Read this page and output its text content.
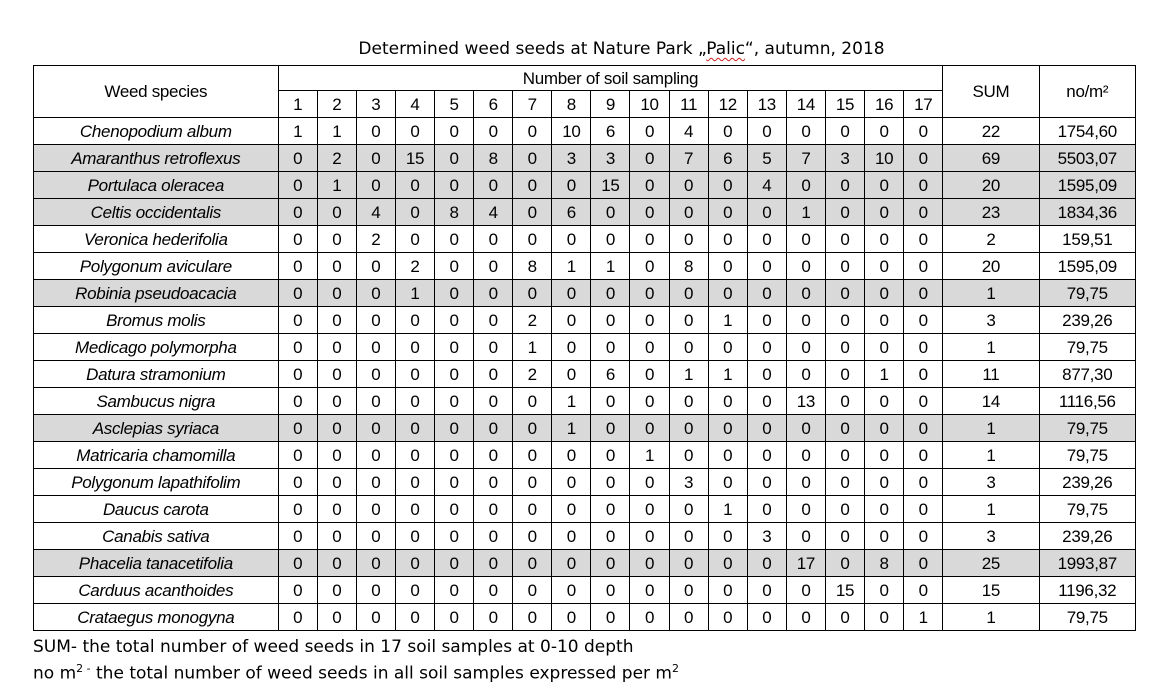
Determined weed seeds at Nature Park „Palic“, autumn, 2018
Weed species	Number of soil sampling																	SUM	no/m²
	1	2	3	4	5	6	7	8	9	10	11	12	13	14	15	16	17		
Chenopodium album	1	1	0	0	0	0	0	10	6	0	4	0	0	0	0	0	0	22	1754,60
Amaranthus retroflexus	0	2	0	15	0	8	0	3	3	0	7	6	5	7	3	10	0	69	5503,07
Portulaca oleracea	0	1	0	0	0	0	0	0	15	0	0	0	4	0	0	0	0	20	1595,09
Celtis occidentalis	0	0	4	0	8	4	0	6	0	0	0	0	0	1	0	0	0	23	1834,36
Veronica hederifolia	0	0	2	0	0	0	0	0	0	0	0	0	0	0	0	0	0	2	159,51
Polygonum aviculare	0	0	0	2	0	0	8	1	1	0	8	0	0	0	0	0	0	20	1595,09
Robinia pseudoacacia	0	0	0	1	0	0	0	0	0	0	0	0	0	0	0	0	0	1	79,75
Bromus molis	0	0	0	0	0	0	2	0	0	0	0	1	0	0	0	0	0	3	239,26
Medicago polymorpha	0	0	0	0	0	0	1	0	0	0	0	0	0	0	0	0	0	1	79,75
Datura stramonium	0	0	0	0	0	0	2	0	6	0	1	1	0	0	0	1	0	11	877,30
Sambucus nigra	0	0	0	0	0	0	0	1	0	0	0	0	0	13	0	0	0	14	1116,56
Asclepias syriaca	0	0	0	0	0	0	0	1	0	0	0	0	0	0	0	0	0	1	79,75
Matricaria chamomilla	0	0	0	0	0	0	0	0	0	1	0	0	0	0	0	0	0	1	79,75
Polygonum lapathifolim	0	0	0	0	0	0	0	0	0	0	3	0	0	0	0	0	0	3	239,26
Daucus carota	0	0	0	0	0	0	0	0	0	0	0	1	0	0	0	0	0	1	79,75
Canabis sativa	0	0	0	0	0	0	0	0	0	0	0	0	3	0	0	0	0	3	239,26
Phacelia tanacetifolia	0	0	0	0	0	0	0	0	0	0	0	0	0	17	0	8	0	25	1993,87
Carduus acanthoides	0	0	0	0	0	0	0	0	0	0	0	0	0	0	15	0	0	15	1196,32
Crataegus monogyna	0	0	0	0	0	0	0	0	0	0	0	0	0	0	0	0	1	1	79,75
SUM- the total number of weed seeds in 17 soil samples at 0-10 depth
no $m^{2 -}$ the total number of weed seeds in all soil samples expressed per $m^2$
